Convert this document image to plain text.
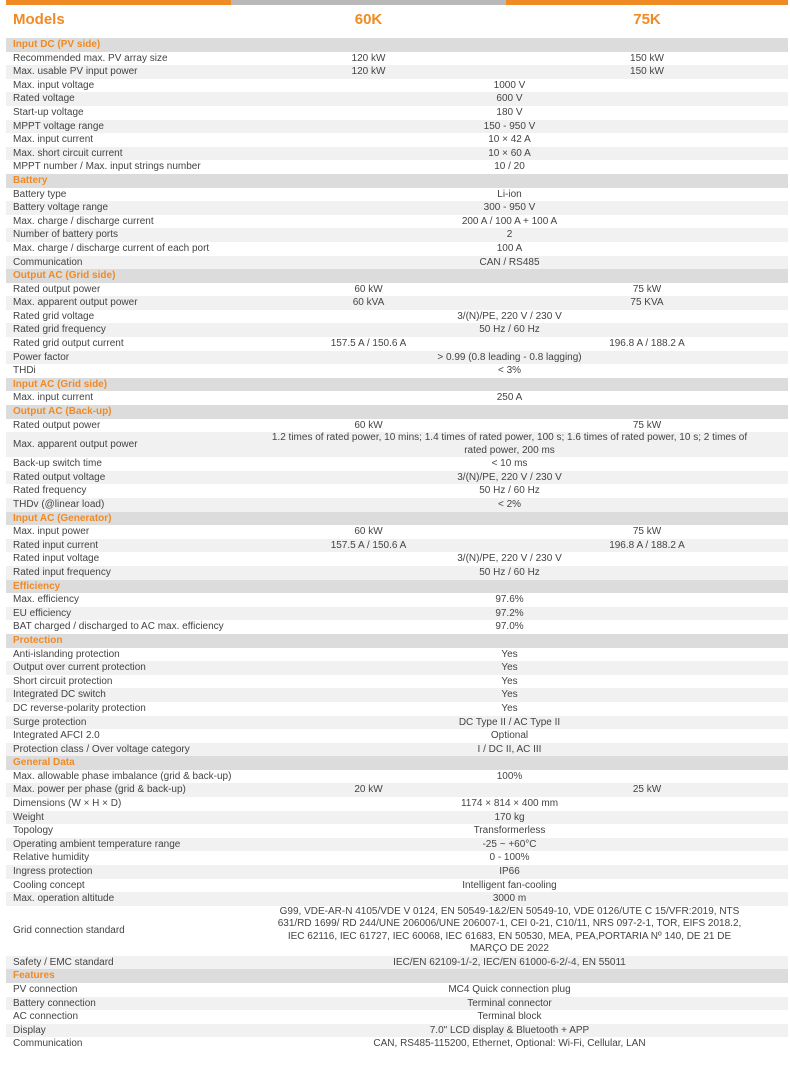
Models	60K	75K
Input DC (PV side)
Recommended max. PV array size	120 kW	150 kW
Max. usable PV input power	120 kW	150 kW
Max. input voltage	1000 V
Rated voltage	600 V
Start-up voltage	180 V
MPPT voltage range	150 - 950 V
Max. input current	10 × 42 A
Max. short circuit current	10 × 60 A
MPPT number / Max. input strings number	10 / 20
Battery
Battery type	Li-ion
Battery voltage range	300 - 950 V
Max. charge / discharge current	200 A / 100 A + 100 A
Number of battery ports	2
Max. charge / discharge current of each port	100 A
Communication	CAN / RS485
Output AC (Grid side)
Rated output power	60 kW	75 kW
Max. apparent output power	60 kVA	75 KVA
Rated grid voltage	3/(N)/PE, 220 V / 230 V
Rated grid frequency	50 Hz / 60 Hz
Rated grid output current	157.5 A / 150.6 A	196.8 A / 188.2 A
Power factor	> 0.99 (0.8 leading - 0.8 lagging)
THDi	< 3%
Input AC (Grid side)
Max. input current	250 A
Output AC (Back-up)
Rated output power	60 kW	75 kW
Max. apparent output power
1.2 times of rated power, 10 mins; 1.4 times of rated power, 100 s; 1.6 times of rated power, 10 s; 2 times of rated power, 200 ms
Back-up switch time	< 10 ms
Rated output voltage	3/(N)/PE, 220 V / 230 V
Rated frequency	50 Hz / 60 Hz
THDv (@linear load)	< 2%
Input AC (Generator)
Max. input power	60 kW	75 kW
Rated input current	157.5 A / 150.6 A	196.8 A / 188.2 A
Rated input voltage	3/(N)/PE, 220 V / 230 V
Rated input frequency	50 Hz / 60 Hz
Efficiency
Max. efficiency	97.6%
EU efficiency	97.2%
BAT charged / discharged to AC max. efficiency	97.0%
Protection
Anti-islanding protection	Yes
Output over current protection	Yes
Short circuit protection	Yes
Integrated DC switch	Yes
DC reverse-polarity protection	Yes
Surge protection	DC Type II / AC Type II
Integrated AFCI 2.0	Optional
Protection class / Over voltage category	I / DC II, AC III
General Data
Max. allowable phase imbalance (grid & back-up)	100%
Max. power per phase (grid & back-up)	20 kW	25 kW
Dimensions (W × H × D)	1174 × 814 × 400 mm
Weight	170 kg
Topology	Transformerless
Operating ambient temperature range	-25 ~ +60°C
Relative humidity	0 - 100%
Ingress protection	IP66
Cooling concept	Intelligent fan-cooling
Max. operation altitude	3000 m
Grid connection standard
G99, VDE-AR-N 4105/VDE V 0124, EN 50549-1&2/EN 50549-10, VDE 0126/UTE C 15/VFR:2019, NTS 631/RD 1699/ RD 244/UNE 206006/UNE 206007-1, CEI 0-21, C10/11, NRS 097-2-1, TOR, EIFS 2018.2, IEC 62116, IEC 61727, IEC 60068, IEC 61683, EN 50530, MEA, PEA,PORTARIA Nº 140, DE 21 DE MARÇO DE 2022
Safety / EMC standard	IEC/EN 62109-1/-2, IEC/EN 61000-6-2/-4, EN 55011
Features
PV connection	MC4 Quick connection plug
Battery connection	Terminal connector
AC connection	Terminal block
Display	7.0" LCD display & Bluetooth + APP
Communication	CAN, RS485-115200, Ethernet, Optional: Wi-Fi, Cellular, LAN
